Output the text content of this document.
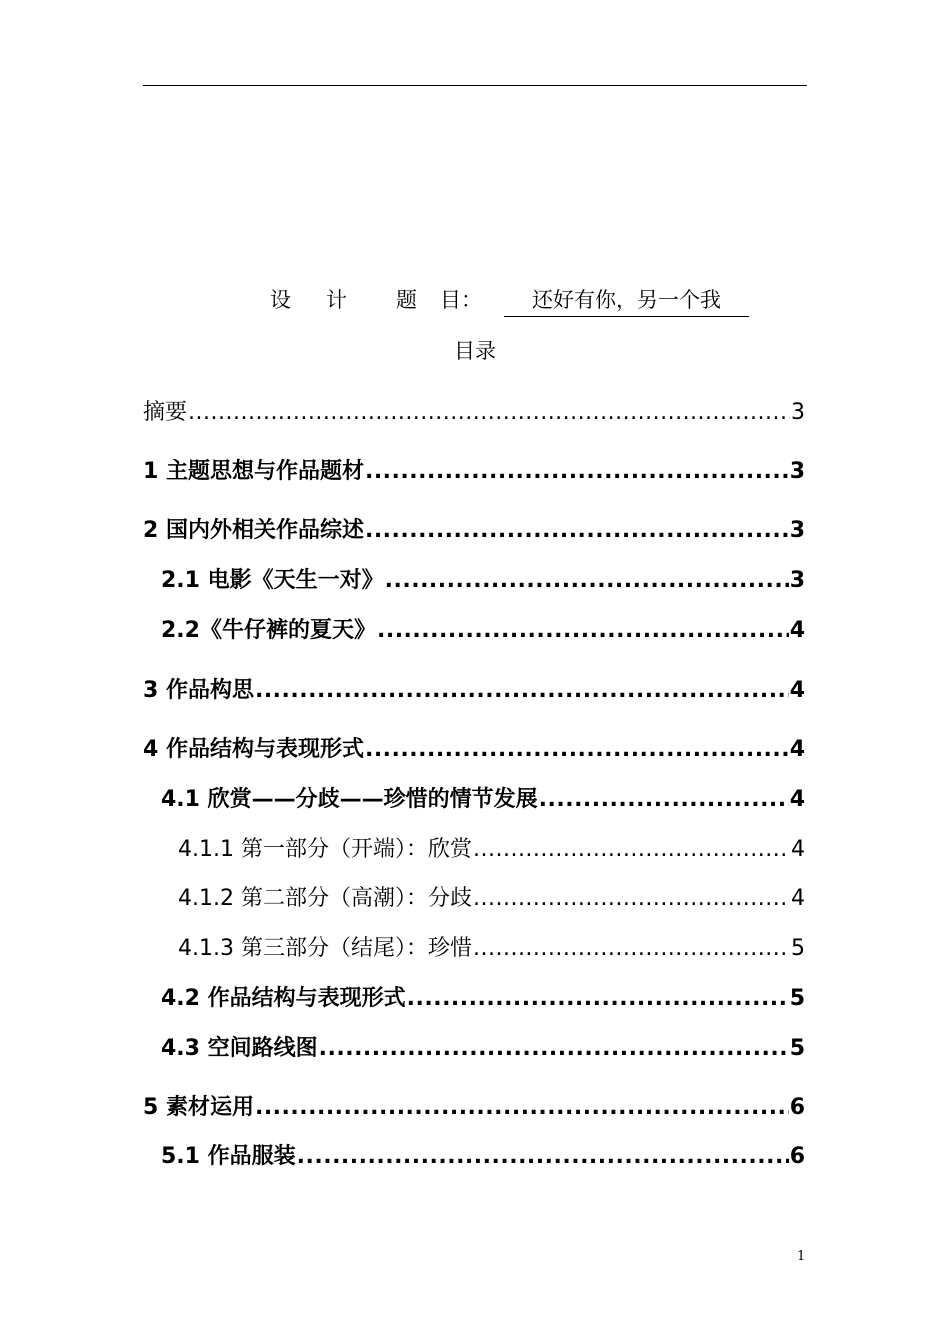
设 计 题 目：	还好有你，另一个我
目录
摘要 .....	3
1 主题思想与作品题材 .....	3
2 国内外相关作品综述 .....	3
2.1 电影《天生一对》 .....	3
2.2《牛仔裤的夏天》 .....	4
3 作品构思 .....	4
4 作品结构与表现形式 .....	4
4.1 欣赏——分歧——珍惜的情节发展 .....	4
4.1.1 第一部分（开端）：欣赏 .....	4
4.1.2 第二部分（高潮）：分歧 .....	4
4.1.3 第三部分（结尾）：珍惜 .....	5
4.2 作品结构与表现形式 .....	5
4.3 空间路线图 .....	5
5 素材运用 .....	6
5.1 作品服装 .....	6
1
